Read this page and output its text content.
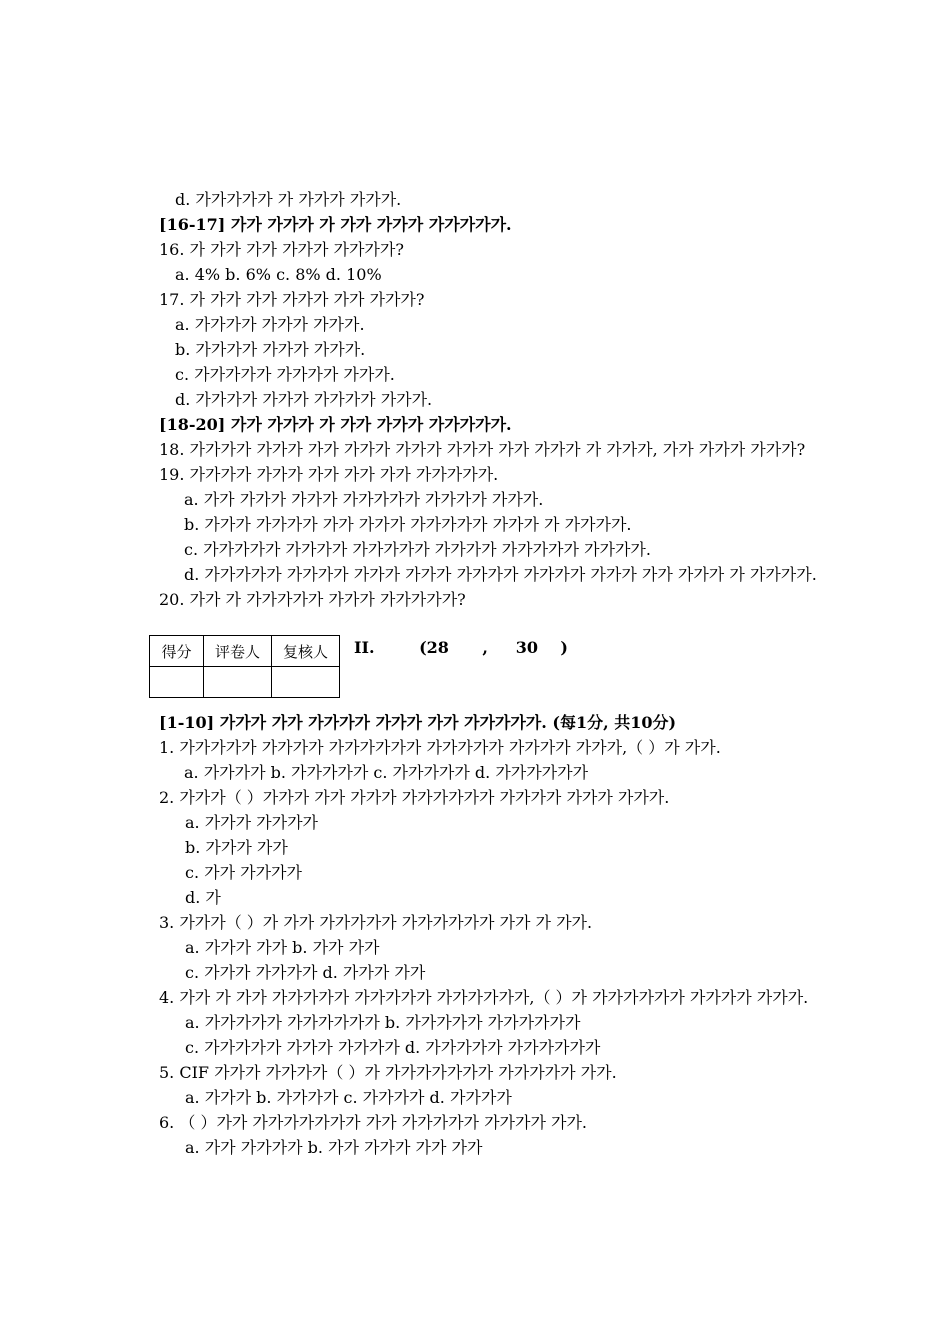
d. 가가가가가 가 가가가 가가가.
[16-17] 가가 가가가 가 가가 가가가 가가가가가.
16. 가 가가 가가 가가가 가가가가?
a. 4% b. 6% c. 8% d. 10%
17. 가 가가 가가 가가가 가가 가가가?
a. 가가가가 가가가 가가가.
b. 가가가가 가가가 가가가.
c. 가가가가가 가가가가 가가가.
d. 가가가가 가가가 가가가가 가가가.
[18-20] 가가 가가가 가 가가 가가가 가가가가가.
18. 가가가가 가가가 가가 가가가 가가가 가가가 가가 가가가 가 가가가, 가가 가가가 가가가?
19. 가가가가 가가가 가가 가가 가가 가가가가가.
a. 가가 가가가 가가가 가가가가가 가가가가 가가가.
b. 가가가 가가가가 가가 가가가 가가가가가 가가가 가 가가가가.
c. 가가가가가 가가가가 가가가가가 가가가가 가가가가가 가가가가.
d. 가가가가가 가가가가 가가가 가가가 가가가가 가가가가 가가가 가가 가가가 가 가가가가.
20. 가가 가 가가가가가 가가가 가가가가가?
[1-10] 가가가 가가 가가가가 가가가 가가 가가가가가. (每1分, 共10分)
1. 가가가가가 가가가가 가가가가가가 가가가가가 가가가가 가가가,（ ）가 가가.
a. 가가가가 b. 가가가가가 c. 가가가가가 d. 가가가가가가
2. 가가가（ ）가가가 가가 가가가 가가가가가가 가가가가 가가가 가가가.
a. 가가가 가가가가
b. 가가가 가가
c. 가가 가가가가
d. 가
3. 가가가（ ）가 가가 가가가가가 가가가가가가 가가 가 가가.
a. 가가가 가가 b. 가가 가가
c. 가가가 가가가가 d. 가가가 가가
4. 가가 가 가가 가가가가가 가가가가가 가가가가가가,（ ）가 가가가가가가 가가가가 가가가.
a. 가가가가가 가가가가가가 b. 가가가가가 가가가가가가
c. 가가가가가 가가가 가가가가 d. 가가가가가 가가가가가가
5. CIF 가가가 가가가가（ ）가 가가가가가가가 가가가가가 가가.
a. 가가가 b. 가가가가 c. 가가가가 d. 가가가가
6. （ ）가가 가가가가가가가 가가 가가가가가 가가가가 가가.
a. 가가 가가가가 b. 가가 가가가 가가 가가
得分	评卷人	复核人
		II.        (28      ,     30    )
